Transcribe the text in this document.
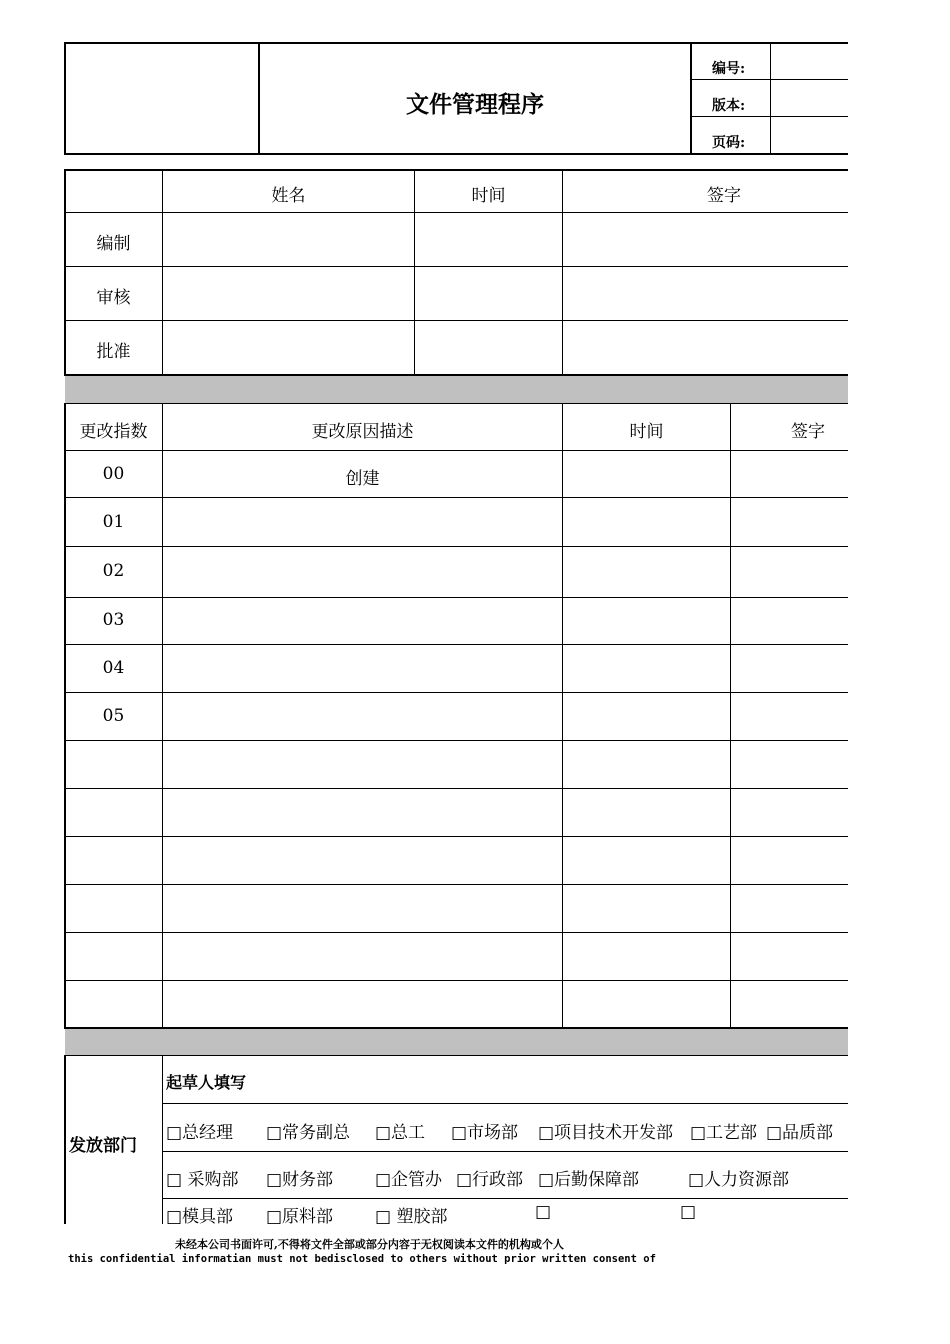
文件管理程序
编号:
版本:
页码:
姓名	时间	签字
编制
审核
批准
更改指数	更改原因描述	时间	签字
00	创建
01
02
03
04
05
发放部门
起草人填写
□总经理 □常务副总 □总工 □市场部 □项目技术开发部 □工艺部 □品质部
□ 采购部 □财务部 □企管办 □行政部 □后勤保障部	□人力资源部
□模具部 □原料部 □ 塑胶部	□	□
未经本公司书面许可,不得将文件全部或部分内容于无权阅读本文件的机构或个人
this confidential informatian must not bedisclosed to others without prior written consent of
